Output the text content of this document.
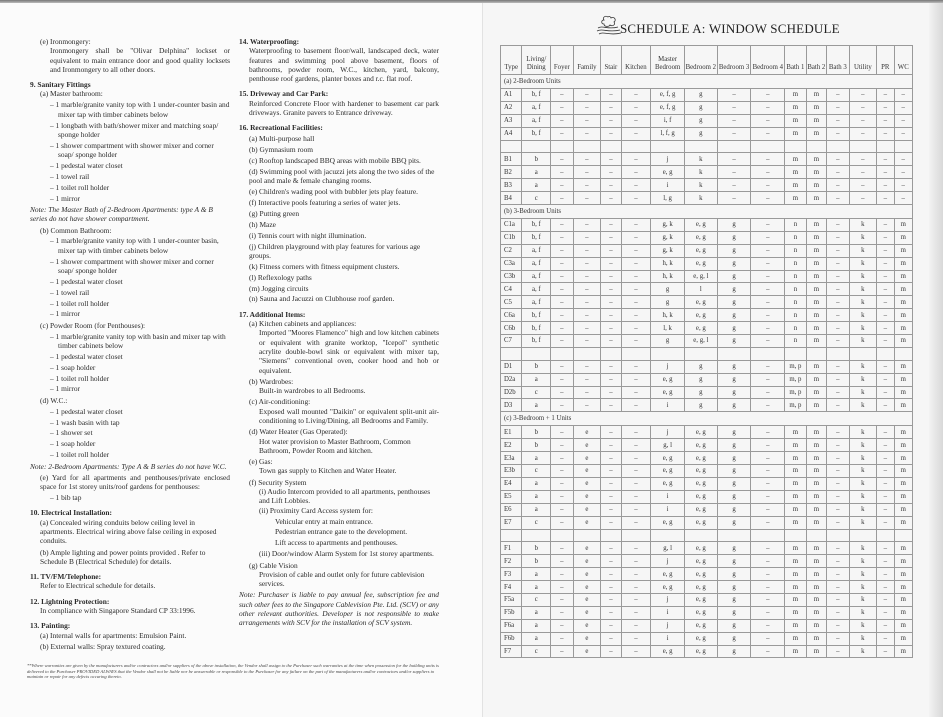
(e) Ironmongery:
Ironmongery shall be "Olivar Delphina" lockset or equivalent to main entrance door and good quality locksets and Ironmongery to all other doors.
9. Sanitary Fittings
(a) Master bathroom:
– 1 marble/granite vanity top with 1 under-counter basin and mixer tap with timber cabinets below
– 1 longbath with bath/shower mixer and matching soap/ sponge holder
– 1 shower compartment with shower mixer and corner soap/ sponge holder
– 1 pedestal water closet
– 1 towel rail
– 1 toilet roll holder
– 1 mirror
Note: The Master Bath of 2-Bedroom Apartments: type A & B series do not have shower compartment.
(b) Common Bathroom:
– 1 marble/granite vanity top with 1 under-counter basin, mixer tap with timber cabinets below
– 1 shower compartment with shower mixer and corner soap/ sponge holder
– 1 pedestal water closet
– 1 towel rail
– 1 toilet roll holder
– 1 mirror
(c) Powder Room (for Penthouses):
– 1 marble/granite vanity top with basin and mixer tap with timber cabinets below
– 1 pedestal water closet
– 1 soap holder
– 1 toilet roll holder
– 1 mirror
(d) W.C.:
– 1 pedestal water closet
– 1 wash basin with tap
– 1 shower set
– 1 soap holder
– 1 toilet roll holder
Note: 2-Bedroom Apartments: Type A & B series do not have W.C.
(e) Yard for all apartments and penthouses/private enclosed space for 1st storey units/roof gardens for penthouses:
– 1 bib tap
10. Electrical Installation:
(a) Concealed wiring conduits below ceiling level in apartments. Electrical wiring above false ceiling in exposed conduits.
(b) Ample lighting and power points provided . Refer to Schedule B (Electrical Schedule) for details.
11. TV/FM/Telephone:
Refer to Electrical schedule for details.
12. Lightning Protection:
In compliance with Singapore Standard CP 33:1996.
13. Painting:
(a) Internal walls for apartments: Emulsion Paint.
(b) External walls: Spray textured coating.
14. Waterproofing:
Waterproofing to basement floor/wall, landscaped deck, water features and swimming pool above basement, floors of bathrooms, powder room, W.C., kitchen, yard, balcony, penthouse roof gardens, planter boxes and r.c. flat roof.
15. Driveway and Car Park:
Reinforced Concrete Floor with hardener to basement car park driveways. Granite pavers to Entrance driveway.
16. Recreational Facilities:
(a) Multi-purpose hall
(b) Gymnasium room
(c) Rooftop landscaped BBQ areas with mobile BBQ pits.
(d) Swimming pool with jacuzzi jets along the two sides of the pool and male & female changing rooms.
(e) Children's wading pool with bubbler jets play feature.
(f) Interactive pools featuring a series of water jets.
(g) Putting green
(h) Maze
(i) Tennis court with night illumination.
(j) Children playground with play features for various age groups.
(k) Fitness corners with fitness equipment clusters.
(l) Reflexology paths
(m) Jogging circuits
(n) Sauna and Jacuzzi on Clubhouse roof garden.
17. Additional Items:
(a) Kitchen cabinets and appliances:
Imported "Moores Flamenco" high and low kitchen cabinets or equivalent with granite worktop, "Icepol" synthetic acrylite double-bowl sink or equivalent with mixer tap, "Siemens" conventional oven, cooker hood and hob or equivalent.
(b) Wardrobes:
Built-in wardrobes to all Bedrooms.
(c) Air-conditioning:
Exposed wall mounted "Daikin" or equivalent split-unit air-conditioning to Living/Dining, all Bedrooms and Family.
(d) Water Heater (Gas Operated):
Hot water provision to Master Bathroom, Common Bathroom, Powder Room and kitchen.
(e) Gas:
Town gas supply to Kitchen and Water Heater.
(f) Security System
(i) Audio Intercom provided to all apartments, penthouses and Lift Lobbies.
(ii) Proximity Card Access system for:
Vehicular entry at main entrance.
Pedestrian entrance gate to the development.
Lift access to apartments and penthouses.
(iii) Door/window Alarm System for 1st storey apartments.
(g) Cable Vision
Provision of cable and outlet only for future cablevision services.
Note: Purchaser is liable to pay annual fee, subscription fee and such other fees to the Singapore Cablevision Pte. Ltd. (SCV) or any other relevant authorities. Developer is not responsible to make arrangements with SCV for the installation of SCV system.
**Where warranties are given by the manufacturers and/or contractors and/or suppliers of the above installation, the Vendor shall assign to the Purchaser such warranties at the time when possession for the building units is delivered to the Purchaser PROVIDED ALWAYS that the Vendor shall not be liable nor be answerable or responsible to the Purchaser for any failure on the part of the manufacturers and/or contractors and/or suppliers to maintain or repair for any defects occuring thereto.
SCHEDULE A: WINDOW SCHEDULE
Type	Living/ Dining	Foyer	Family	Stair	Kitchen	Master Bedroom	Bedroom 2	Bedroom 3	Bedroom 4	Bath 1	Bath 2	Bath 3	Utility	PR	WC
(a) 2-Bedroom Units															
A1	b, f	–	–	–	–	e, f, g	g	–	–	m	m	–	–	–	–
A2	a, f	–	–	–	–	e, f, g	g	–	–	m	m	–	–	–	–
A3	a, f	–	–	–	–	i, f	g	–	–	m	m	–	–	–	–
A4	b, f	–	–	–	–	l, f, g	g	–	–	m	m	–	–	–	–

B1	b	–	–	–	–	j	k	–	–	m	m	–	–	–	–
B2	a	–	–	–	–	e, g	k	–	–	m	m	–	–	–	–
B3	a	–	–	–	–	i	k	–	–	m	m	–	–	–	–
B4	c	–	–	–	–	l, g	k	–	–	m	m	–	–	–	–
(b) 3-Bedroom Units															
C1a	b, f	–	–	–	–	g, k	e, g	g	–	n	m	–	k	–	m
C1b	b, f	–	–	–	–	g, k	e, g	g	–	n	m	–	k	–	m
C2	a, f	–	–	–	–	g, k	e, g	g	–	n	m	–	k	–	m
C3a	a, f	–	–	–	–	h, k	e, g	g	–	n	m	–	k	–	m
C3b	a, f	–	–	–	–	h, k	e, g, l	g	–	n	m	–	k	–	m
C4	a, f	–	–	–	–	g	l	g	–	n	m	–	k	–	m
C5	a, f	–	–	–	–	g	e, g	g	–	n	m	–	k	–	m
C6a	b, f	–	–	–	–	h, k	e, g	g	–	n	m	–	k	–	m
C6b	b, f	–	–	–	–	l, k	e, g	g	–	n	m	–	k	–	m
C7	b, f	–	–	–	–	g	e, g, l	g	–	n	m	–	k	–	m

D1	b	–	–	–	–	j	g	g	–	m, p	m	–	k	–	m
D2a	a	–	–	–	–	e, g	g	g	–	m, p	m	–	k	–	m
D2b	c	–	–	–	–	e, g	g	g	–	m, p	m	–	k	–	m
D3	a	–	–	–	–	i	g	g	–	m, p	m	–	k	–	m
(c) 3-Bedroom + 1 Units															
E1	b	–	e	–	–	j	e, g	g	–	m	m	–	k	–	m
E2	b	–	e	–	–	g, l	e, g	g	–	m	m	–	k	–	m
E3a	a	–	e	–	–	e, g	e, g	g	–	m	m	–	k	–	m
E3b	c	–	e	–	–	e, g	e, g	g	–	m	m	–	k	–	m
E4	a	–	e	–	–	e, g	e, g	g	–	m	m	–	k	–	m
E5	a	–	e	–	–	i	e, g	g	–	m	m	–	k	–	m
E6	a	–	e	–	–	i	e, g	g	–	m	m	–	k	–	m
E7	c	–	e	–	–	e, g	e, g	g	–	m	m	–	k	–	m

F1	b	–	e	–	–	g, l	e, g	g	–	m	m	–	k	–	m
F2	b	–	e	–	–	j	e, g	g	–	m	m	–	k	–	m
F3	a	–	e	–	–	e, g	e, g	g	–	m	m	–	k	–	m
F4	a	–	e	–	–	e, g	e, g	g	–	m	m	–	k	–	m
F5a	c	–	e	–	–	j	e, g	g	–	m	m	–	k	–	m
F5b	a	–	e	–	–	i	e, g	g	–	m	m	–	k	–	m
F6a	a	–	e	–	–	j	e, g	g	–	m	m	–	k	–	m
F6b	a	–	e	–	–	i	e, g	g	–	m	m	–	k	–	m
F7	c	–	e	–	–	e, g	e, g	g	–	m	m	–	k	–	m
